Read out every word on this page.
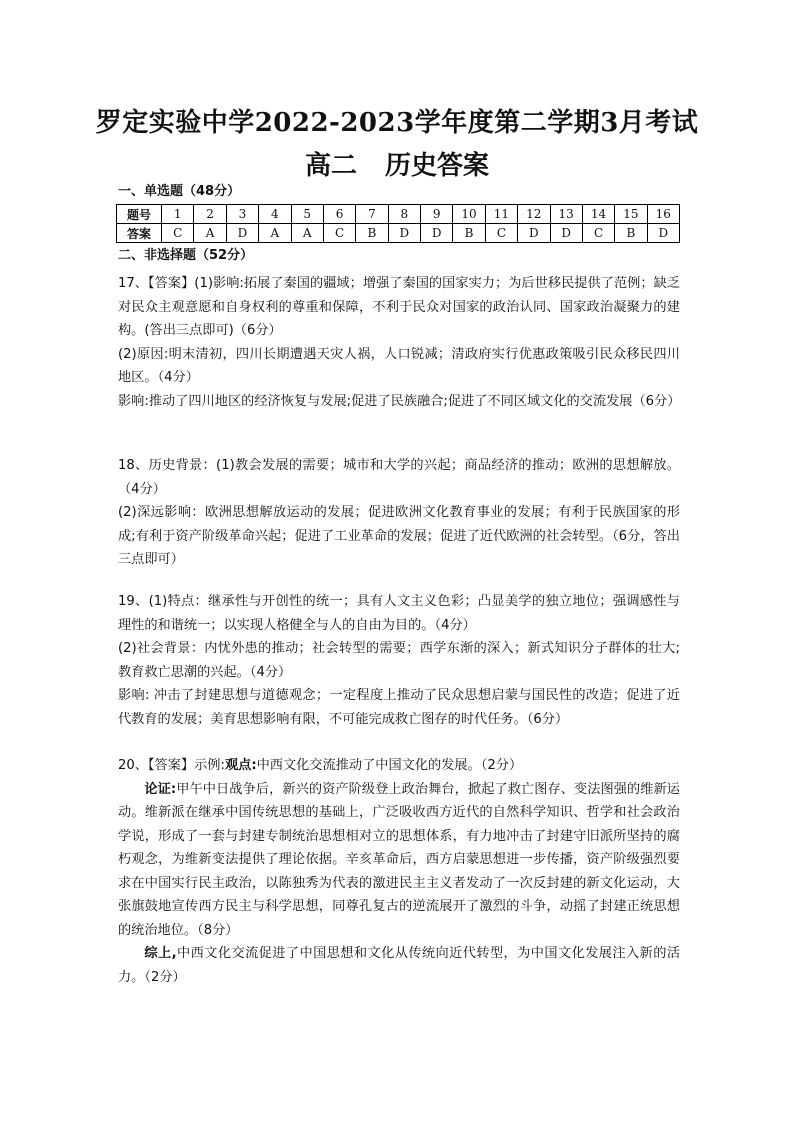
罗定实验中学2022-2023学年度第二学期3月考试
高二 历史答案
一、单选题（48分）
题号	1	2	3	4	5	6	7	8	9	10	11	12	13	14	15	16
答案	C	A	D	A	A	C	B	D	D	B	C	D	D	C	B	D
二、非选择题（52分）

17、【答案】(1)影响:拓展了秦国的疆域；增强了秦国的国家实力；为后世移民提供了范例；缺乏对民众主观意愿和自身权利的尊重和保障，不利于民众对国家的政治认同、国家政治凝聚力的建构。(答出三点即可)（6分）

(2)原因:明末清初，四川长期遭遇天灾人祸，人口锐减；清政府实行优惠政策吸引民众移民四川地区。（4分）

影响:推动了四川地区的经济恢复与发展;促进了民族融合;促进了不同区域文化的交流发展（6分）

18、历史背景：(1)教会发展的需要；城市和大学的兴起；商品经济的推动；欧洲的思想解放。（4分）

(2)深远影响：欧洲思想解放运动的发展；促进欧洲文化教育事业的发展；有利于民族国家的形成;有利于资产阶级革命兴起；促进了工业革命的发展；促进了近代欧洲的社会转型。（6分，答出三点即可）

19、(1)特点：继承性与开创性的统一；具有人文主义色彩；凸显美学的独立地位；强调感性与理性的和谐统一；以实现人格健全与人的自由为目的。（4分）

(2)社会背景：内忧外患的推动；社会转型的需要；西学东渐的深入；新式知识分子群体的壮大;教育救亡思潮的兴起。（4分）

影响: 冲击了封建思想与道德观念；一定程度上推动了民众思想启蒙与国民性的改造；促进了近代教育的发展；美育思想影响有限，不可能完成救亡图存的时代任务。（6分）

20、【答案】示例:观点:中西文化交流推动了中国文化的发展。（2分）

论证:甲午中日战争后，新兴的资产阶级登上政治舞台，掀起了救亡图存、变法图强的维新运动。维新派在继承中国传统思想的基础上，广泛吸收西方近代的自然科学知识、哲学和社会政治学说，形成了一套与封建专制统治思想相对立的思想体系，有力地冲击了封建守旧派所坚持的腐朽观念，为维新变法提供了理论依据。辛亥革命后，西方启蒙思想进一步传播，资产阶级强烈要求在中国实行民主政治，以陈独秀为代表的激进民主主义者发动了一次反封建的新文化运动，大张旗鼓地宣传西方民主与科学思想，同尊孔复古的逆流展开了激烈的斗争，动摇了封建正统思想的统治地位。（8分）

综上,中西文化交流促进了中国思想和文化从传统向近代转型，为中国文化发展注入新的活力。（2分）
